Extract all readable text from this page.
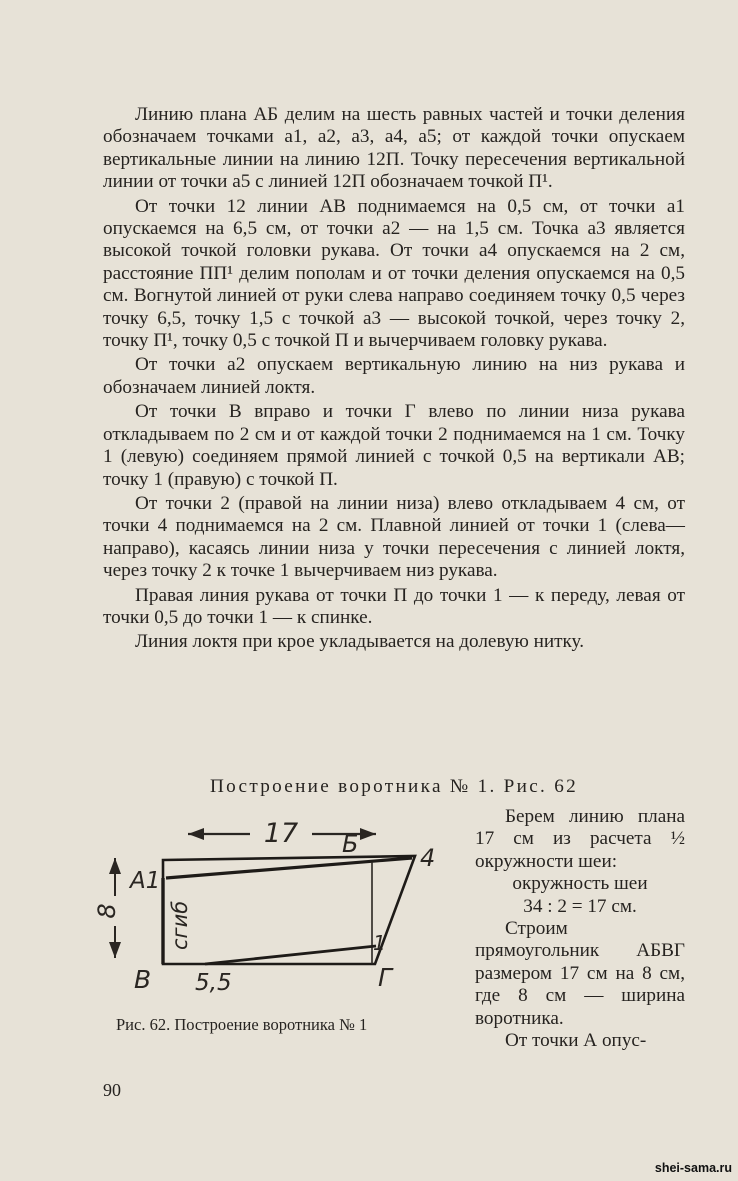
Линию плана АБ делим на шесть равных частей и точки деления обозначаем точками а1, а2, а3, а4, а5; от каждой точки опускаем вертикальные линии на линию 12П. Точку пересечения вертикальной линии от точки а5 с линией 12П обозначаем точкой П¹.

От точки 12 линии АВ поднимаемся на 0,5 см, от точки а1 опускаемся на 6,5 см, от точки а2 — на 1,5 см. Точка а3 является высокой точкой головки рукава. От точки а4 опускаемся на 2 см, расстояние ПП¹ делим пополам и от точки деления опускаемся на 0,5 см. Вогнутой линией от руки слева направо соединяем точку 0,5 через точку 6,5, точку 1,5 с точкой а3 — высокой точкой, через точку 2, точку П¹, точку 0,5 с точкой П и вычерчиваем головку рукава.

От точки а2 опускаем вертикальную линию на низ рукава и обозначаем линией локтя.

От точки В вправо и точки Г влево по линии низа рукава откладываем по 2 см и от каждой точки 2 поднимаемся на 1 см. Точку 1 (левую) соединяем прямой линией с точкой 0,5 на вертикали АВ; точку 1 (правую) с точкой П.

От точки 2 (правой на линии низа) влево откладываем 4 см, от точки 4 поднимаемся на 2 см. Плавной линией от точки 1 (слева—направо), касаясь линии низа у точки пересечения с линией локтя, через точку 2 к точке 1 вычерчиваем низ рукава.

Правая линия рукава от точки П до точки 1 — к переду, левая от точки 0,5 до точки 1 — к спинке.

Линия локтя при крое укладывается на долевую нитку.

Построение воротника № 1. Рис. 62

Берем линию плана 17 см из расчета ½ окружности шеи:

окружность шеи

34 : 2 = 17 см.

Строим прямоугольник АБВГ размером 17 см на 8 см, где 8 см — ширина воротника.

От точки А опус-

17
8
А1
Б	4
сгиб
В 5,5	Г
1
Рис. 62. Построение воротника № 1
90
shei-sama.ru
